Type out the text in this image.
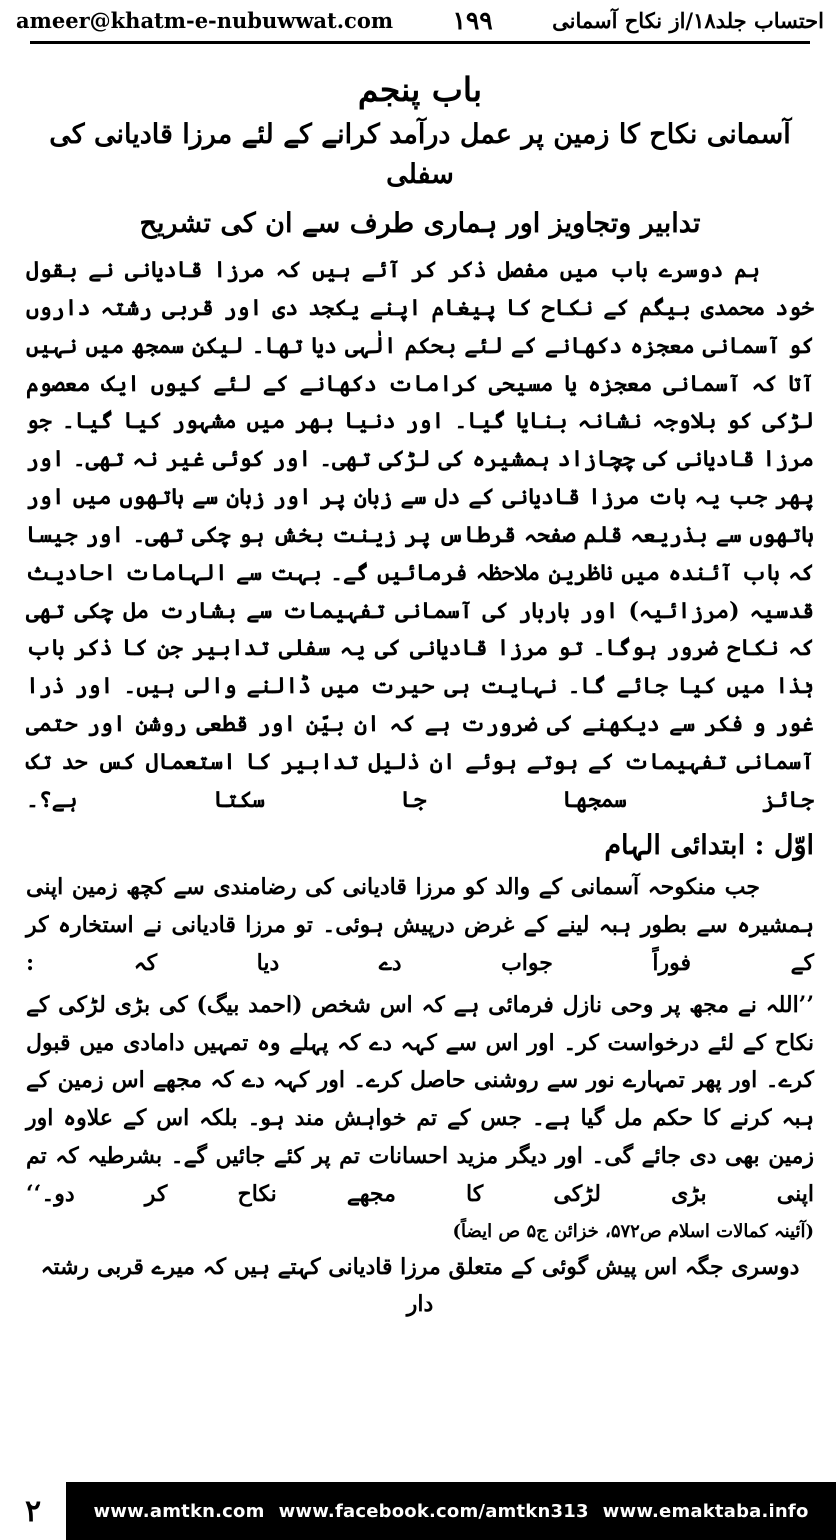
احتساب جلد۱۸/از نکاح آسمانی
۱۹۹
ameer@khatm-e-nubuwwat.com
باب پنجم
آسمانی نکاح کا زمین پر عمل درآمد کرانے کے لئے مرزا قادیانی کی سفلی
تدابیر وتجاویز اور ہماری طرف سے ان کی تشریح

ہم دوسرے باب میں مفصل ذکر کر آئے ہیں کہ مرزا قادیانی نے بقول خود محمدی بیگم کے نکاح کا پیغام اپنے یکجد دی اور قربی رشتہ داروں کو آسمانی معجزہ دکھانے کے لئے بحکم الٰہی دیا تھا۔ لیکن سمجھ میں نہیں آتا کہ آسمانی معجزہ یا مسیحی کرامات دکھانے کے لئے کیوں ایک معصوم لڑکی کو بلاوجہ نشانہ بنایا گیا۔ اور دنیا بھر میں مشہور کیا گیا۔ جو مرزا قادیانی کی چچازاد ہمشیرہ کی لڑکی تھی۔ اور کوئی غیر نہ تھی۔ اور پھر جب یہ بات مرزا قادیانی کے دل سے زبان پر اور زبان سے ہاتھوں میں اور ہاتھوں سے بذریعہ قلم صفحہ قرطاس پر زینت بخش ہو چکی تھی۔ اور جیسا کہ باب آئندہ میں ناظرین ملاحظہ فرمائیں گے۔ بہت سے الہامات احادیث قدسیہ (مرزائیہ) اور باربار کی آسمانی تفہیمات سے بشارت مل چکی تھی کہ نکاح ضرور ہوگا۔ تو مرزا قادیانی کی یہ سفلی تدابیر جن کا ذکر باب ہٰذا میں کیا جائے گا۔ نہایت ہی حیرت میں ڈالنے والی ہیں۔ اور ذرا غور و فکر سے دیکھنے کی ضرورت ہے کہ ان بیّن اور قطعی روشن اور حتمی آسمانی تفہیمات کے ہوتے ہوئے ان ذلیل تدابیر کا استعمال کس حد تک جائز سمجھا جا سکتا ہے؟۔

اوّل : ابتدائی الہام

جب منکوحہ آسمانی کے والد کو مرزا قادیانی کی رضامندی سے کچھ زمین اپنی ہمشیرہ سے بطور ہبہ لینے کے غرض درپیش ہوئی۔ تو مرزا قادیانی نے استخارہ کر کے فوراً جواب دے دیا کہ :

’’اللہ نے مجھ پر وحی نازل فرمائی ہے کہ اس شخص (احمد بیگ) کی بڑی لڑکی کے نکاح کے لئے درخواست کر۔ اور اس سے کہہ دے کہ پہلے وہ تمہیں دامادی میں قبول کرے۔ اور پھر تمہارے نور سے روشنی حاصل کرے۔ اور کہہ دے کہ مجھے اس زمین کے ہبہ کرنے کا حکم مل گیا ہے۔ جس کے تم خواہش مند ہو۔ بلکہ اس کے علاوہ اور زمین بھی دی جائے گی۔ اور دیگر مزید احسانات تم پر کئے جائیں گے۔ بشرطیہ کہ تم اپنی بڑی لڑکی کا مجھے نکاح کر دو۔‘‘

(آئینہ کمالات اسلام ص۵۷۲، خزائن ج۵ ص ایضاً)
دوسری جگہ اس پیش گوئی کے متعلق مرزا قادیانی کہتے ہیں کہ میرے قربی رشتہ دار
۲	www.amtkn.com www.facebook.com/amtkn313 www.emaktaba.info
